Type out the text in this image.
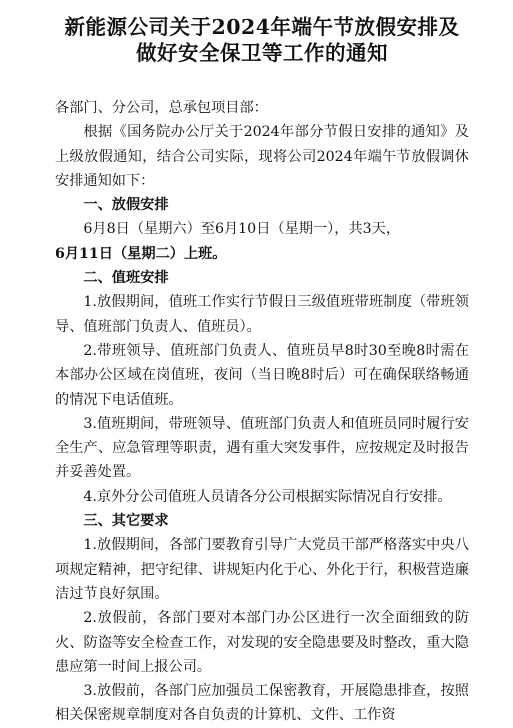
新能源公司关于2024年端午节放假安排及
做好安全保卫等工作的通知

各部门、分公司，总承包项目部：

根据《国务院办公厅关于2024年部分节假日安排的通知》及上级放假通知，结合公司实际，现将公司2024年端午节放假调休安排通知如下：

一、放假安排

6月8日（星期六）至6月10日（星期一），共3天，

6月11日（星期二）上班。

二、值班安排

1.放假期间，值班工作实行节假日三级值班带班制度（带班领导、值班部门负责人、值班员）。

2.带班领导、值班部门负责人、值班员早8时30至晚8时需在本部办公区域在岗值班，夜间（当日晚8时后）可在确保联络畅通的情况下电话值班。

3.值班期间，带班领导、值班部门负责人和值班员同时履行安全生产、应急管理等职责，遇有重大突发事件，应按规定及时报告并妥善处置。

4.京外分公司值班人员请各分公司根据实际情况自行安排。

三、其它要求

1.放假期间，各部门要教育引导广大党员干部严格落实中央八项规定精神，把守纪律、讲规矩内化于心、外化于行，积极营造廉洁过节良好氛围。

2.放假前，各部门要对本部门办公区进行一次全面细致的防火、防盗等安全检查工作，对发现的安全隐患要及时整改，重大隐患应第一时间上报公司。

3.放假前，各部门应加强员工保密教育，开展隐患排查，按照相关保密规章制度对各自负责的计算机、文件、工作资
